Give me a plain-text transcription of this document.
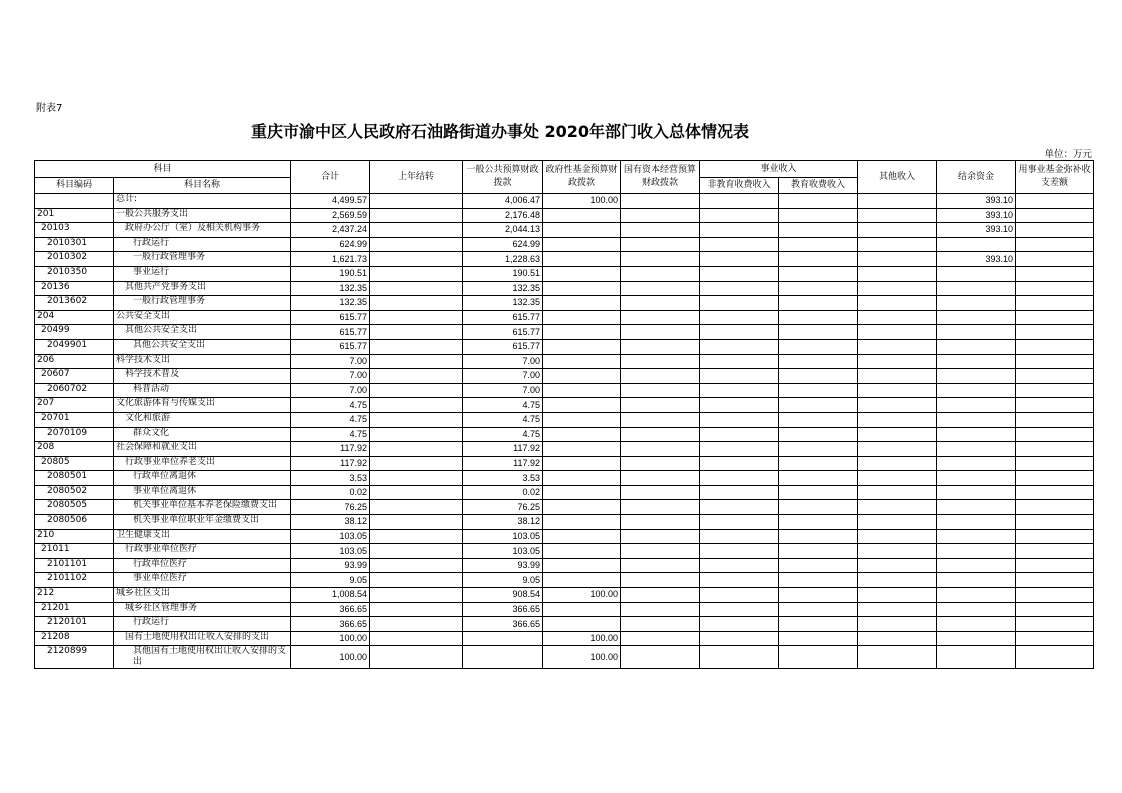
附表7
重庆市渝中区人民政府石油路街道办事处 2020年部门收入总体情况表
单位：万元
科目		合计	上年结转	一般公共预算财政拨款	政府性基金预算财政拨款	国有资本经营预算财政拨款	事业收入		其他收入	结余资金	用事业基金弥补收支差额
科目编码	科目名称						非教育收费收入	教育收费收入			
	总计:	4,499.57		4,006.47	100.00					393.10	
201	一般公共服务支出	2,569.59		2,176.48						393.10	
20103	政府办公厅（室）及相关机构事务	2,437.24		2,044.13						393.10	
2010301	行政运行	624.99		624.99							
2010302	一般行政管理事务	1,621.73		1,228.63						393.10	
2010350	事业运行	190.51		190.51							
20136	其他共产党事务支出	132.35		132.35							
2013602	一般行政管理事务	132.35		132.35							
204	公共安全支出	615.77		615.77							
20499	其他公共安全支出	615.77		615.77							
2049901	其他公共安全支出	615.77		615.77							
206	科学技术支出	7.00		7.00							
20607	科学技术普及	7.00		7.00							
2060702	科普活动	7.00		7.00							
207	文化旅游体育与传媒支出	4.75		4.75							
20701	文化和旅游	4.75		4.75							
2070109	群众文化	4.75		4.75							
208	社会保障和就业支出	117.92		117.92							
20805	行政事业单位养老支出	117.92		117.92							
2080501	行政单位离退休	3.53		3.53							
2080502	事业单位离退休	0.02		0.02							
2080505	机关事业单位基本养老保险缴费支出	76.25		76.25							
2080506	机关事业单位职业年金缴费支出	38.12		38.12							
210	卫生健康支出	103.05		103.05							
21011	行政事业单位医疗	103.05		103.05							
2101101	行政单位医疗	93.99		93.99							
2101102	事业单位医疗	9.05		9.05							
212	城乡社区支出	1,008.54		908.54	100.00						
21201	城乡社区管理事务	366.65		366.65							
2120101	行政运行	366.65		366.65							
21208	国有土地使用权出让收入安排的支出	100.00			100.00						
2120899	其他国有土地使用权出让收入安排的支出	100.00			100.00						
